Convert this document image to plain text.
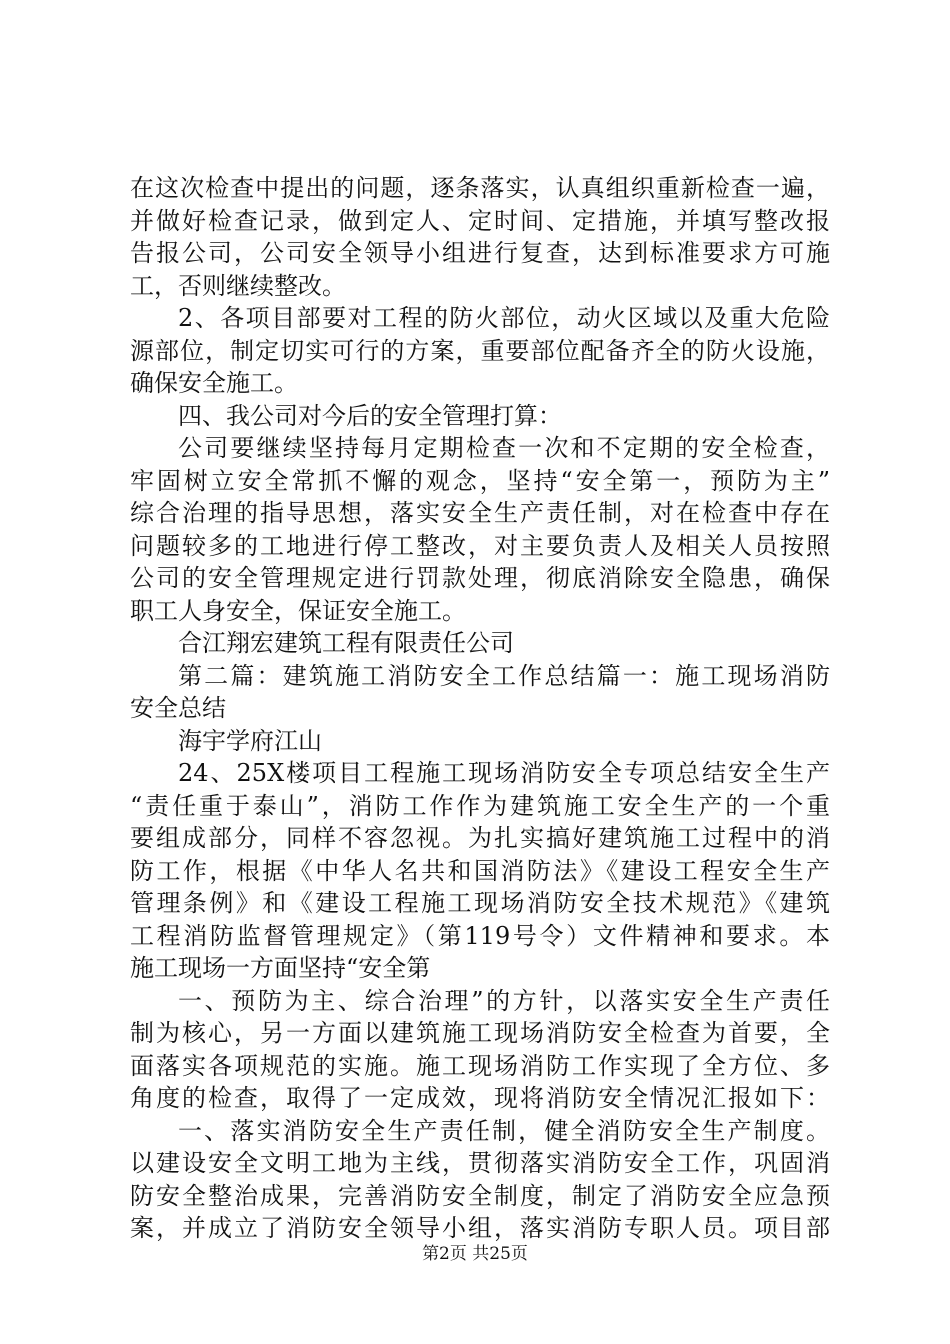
在这次检查中提出的问题，逐条落实，认真组织重新检查一遍，
并做好检查记录，做到定人、定时间、定措施，并填写整改报
告报公司，公司安全领导小组进行复查，达到标准要求方可施
工，否则继续整改。
2、各项目部要对工程的防火部位，动火区域以及重大危险
源部位，制定切实可行的方案，重要部位配备齐全的防火设施，
确保安全施工。
四、我公司对今后的安全管理打算：
公司要继续坚持每月定期检查一次和不定期的安全检查，
牢固树立安全常抓不懈的观念，坚持“安全第一，预防为主”
综合治理的指导思想，落实安全生产责任制，对在检查中存在
问题较多的工地进行停工整改，对主要负责人及相关人员按照
公司的安全管理规定进行罚款处理，彻底消除安全隐患，确保
职工人身安全，保证安全施工。
合江翔宏建筑工程有限责任公司
第二篇：建筑施工消防安全工作总结篇一：施工现场消防
安全总结
海宇学府江山
24、25X楼项目工程施工现场消防安全专项总结安全生产
“责任重于泰山”，消防工作作为建筑施工安全生产的一个重
要组成部分，同样不容忽视。为扎实搞好建筑施工过程中的消
防工作，根据《中华人名共和国消防法》《建设工程安全生产
管理条例》和《建设工程施工现场消防安全技术规范》《建筑
工程消防监督管理规定》（第119号令）文件精神和要求。本
施工现场一方面坚持“安全第
一、预防为主、综合治理”的方针，以落实安全生产责任
制为核心，另一方面以建筑施工现场消防安全检查为首要，全
面落实各项规范的实施。施工现场消防工作实现了全方位、多
角度的检查，取得了一定成效，现将消防安全情况汇报如下：
一、落实消防安全生产责任制，健全消防安全生产制度。
以建设安全文明工地为主线，贯彻落实消防安全工作，巩固消
防安全整治成果，完善消防安全制度，制定了消防安全应急预
案，并成立了消防安全领导小组，落实消防专职人员。项目部
第2页 共25页
